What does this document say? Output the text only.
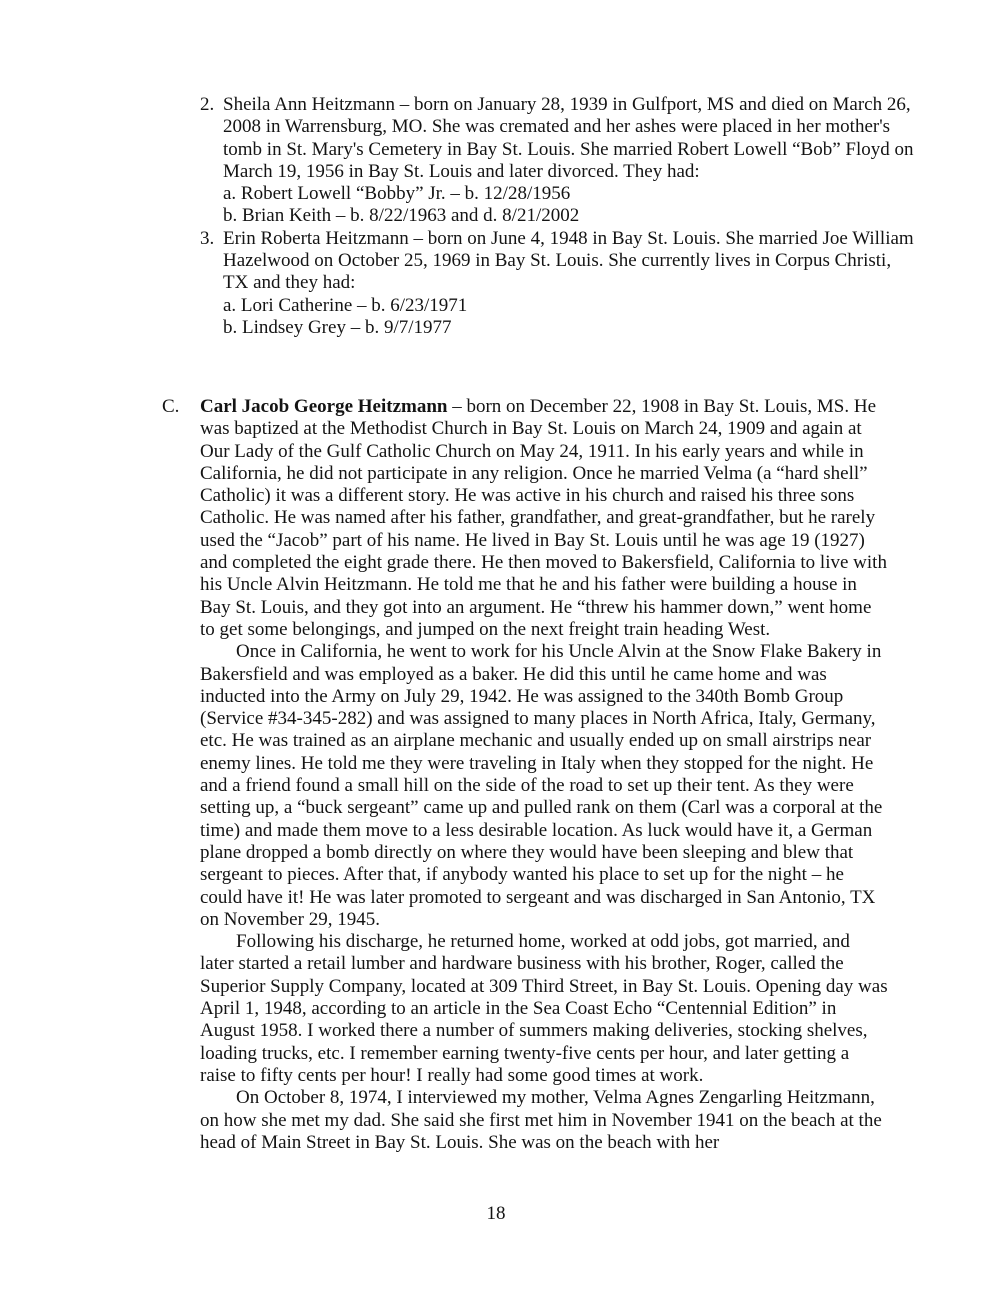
2. Sheila Ann Heitzmann – born on January 28, 1939 in Gulfport, MS and died on March 26, 2008 in Warrensburg, MO. She was cremated and her ashes were placed in her mother's tomb in St. Mary's Cemetery in Bay St. Louis. She married Robert Lowell “Bob” Floyd on March 19, 1956 in Bay St. Louis and later divorced. They had:
a. Robert Lowell “Bobby” Jr. – b. 12/28/1956
b. Brian Keith – b. 8/22/1963 and d. 8/21/2002
3. Erin Roberta Heitzmann – born on June 4, 1948 in Bay St. Louis. She married Joe William Hazelwood on October 25, 1969 in Bay St. Louis. She currently lives in Corpus Christi, TX and they had:
a. Lori Catherine – b. 6/23/1971
b. Lindsey Grey – b. 9/7/1977
C. Carl Jacob George Heitzmann – born on December 22, 1908 in Bay St. Louis, MS. He was baptized at the Methodist Church in Bay St. Louis on March 24, 1909 and again at Our Lady of the Gulf Catholic Church on May 24, 1911. In his early years and while in California, he did not participate in any religion. Once he married Velma (a “hard shell” Catholic) it was a different story. He was active in his church and raised his three sons Catholic. He was named after his father, grandfather, and great-grandfather, but he rarely used the “Jacob” part of his name. He lived in Bay St. Louis until he was age 19 (1927) and completed the eight grade there. He then moved to Bakersfield, California to live with his Uncle Alvin Heitzmann. He told me that he and his father were building a house in Bay St. Louis, and they got into an argument. He “threw his hammer down,” went home to get some belongings, and jumped on the next freight train heading West.

Once in California, he went to work for his Uncle Alvin at the Snow Flake Bakery in Bakersfield and was employed as a baker. He did this until he came home and was inducted into the Army on July 29, 1942. He was assigned to the 340th Bomb Group (Service #34-345-282) and was assigned to many places in North Africa, Italy, Germany, etc. He was trained as an airplane mechanic and usually ended up on small airstrips near enemy lines. He told me they were traveling in Italy when they stopped for the night. He and a friend found a small hill on the side of the road to set up their tent. As they were setting up, a “buck sergeant” came up and pulled rank on them (Carl was a corporal at the time) and made them move to a less desirable location. As luck would have it, a German plane dropped a bomb directly on where they would have been sleeping and blew that sergeant to pieces. After that, if anybody wanted his place to set up for the night – he could have it! He was later promoted to sergeant and was discharged in San Antonio, TX on November 29, 1945.

Following his discharge, he returned home, worked at odd jobs, got married, and later started a retail lumber and hardware business with his brother, Roger, called the Superior Supply Company, located at 309 Third Street, in Bay St. Louis. Opening day was April 1, 1948, according to an article in the Sea Coast Echo “Centennial Edition” in August 1958. I worked there a number of summers making deliveries, stocking shelves, loading trucks, etc. I remember earning twenty-five cents per hour, and later getting a raise to fifty cents per hour! I really had some good times at work.

On October 8, 1974, I interviewed my mother, Velma Agnes Zengarling Heitzmann, on how she met my dad. She said she first met him in November 1941 on the beach at the head of Main Street in Bay St. Louis. She was on the beach with her

18
